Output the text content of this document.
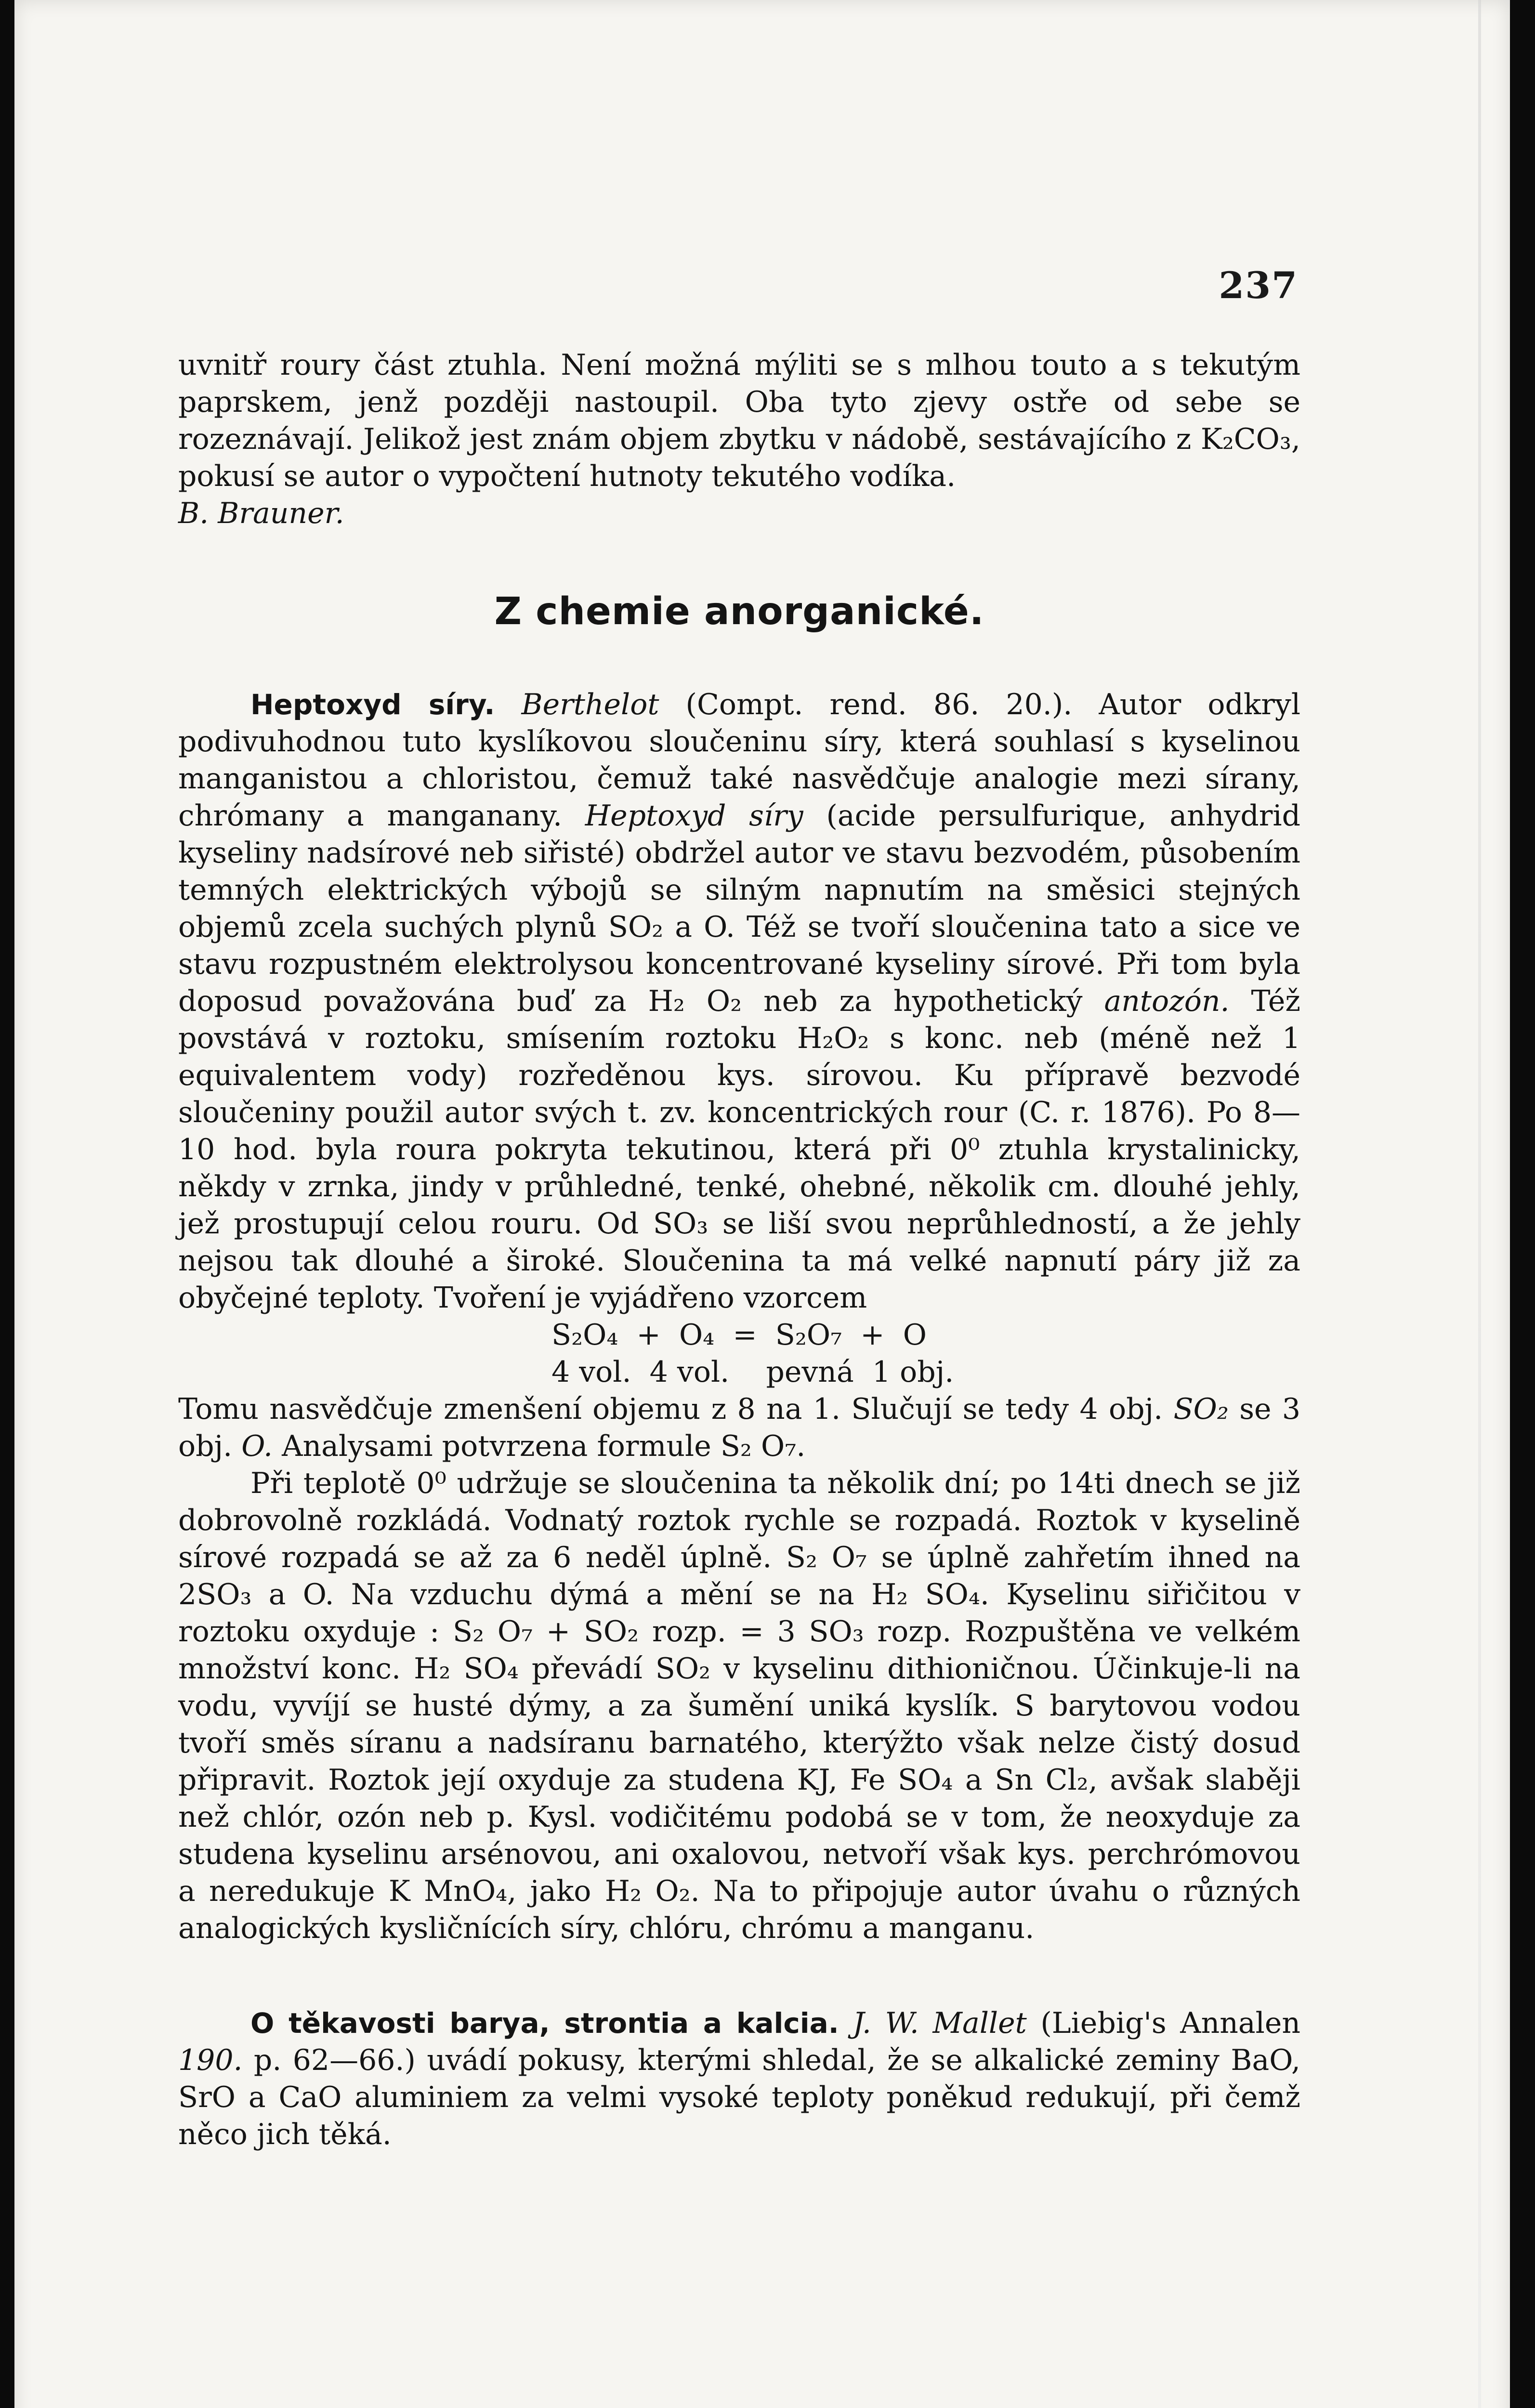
237

uvnitř roury část ztuhla. Není možná mýliti se s mlhou touto a s tekutým paprskem, jenž později nastoupil. Oba tyto zjevy ostře od sebe se rozeznávají. Jelikož jest znám objem zbytku v nádobě, sestávajícího z K₂CO₃, pokusí se autor o vypočtení hutnoty tekutého vodíka.

B. Brauner.

Z chemie anorganické.

Heptoxyd síry. Berthelot (Compt. rend. 86. 20.). Autor odkryl podivuhodnou tuto kyslíkovou sloučeninu síry, která souhlasí s kyselinou manganistou a chloristou, čemuž také nasvědčuje analogie mezi sírany, chrómany a manganany. Heptoxyd síry (acide persulfurique, anhydrid kyseliny nadsírové neb siřisté) obdržel autor ve stavu bezvodém, působením temných elektrických výbojů se silným napnutím na směsici stejných objemů zcela suchých plynů SO₂ a O. Též se tvoří sloučenina tato a sice ve stavu rozpustném elektrolysou koncentrované kyseliny sírové. Při tom byla doposud považována buď za H₂ O₂ neb za hypothetický antozón. Též povstává v roztoku, smísením roztoku H₂O₂ s konc. neb (méně než 1 equivalentem vody) rozředěnou kys. sírovou. Ku přípravě bezvodé sloučeniny použil autor svých t. zv. koncentrických rour (C. r. 1876). Po 8—10 hod. byla roura pokryta tekutinou, která při 0⁰ ztuhla krystalinicky, někdy v zrnka, jindy v průhledné, tenké, ohebné, několik cm. dlouhé jehly, jež prostupují celou rouru. Od SO₃ se liší svou neprůhledností, a že jehly nejsou tak dlouhé a široké. Sloučenina ta má velké napnutí páry již za obyčejné teploty. Tvoření je vyjádřeno vzorcem

S₂O₄  +  O₄  =  S₂O₇  +  O
4 vol.  4 vol.    pevná  1 obj.

Tomu nasvědčuje zmenšení objemu z 8 na 1. Slučují se tedy 4 obj. SO₂ se 3 obj. O. Analysami potvrzena formule S₂ O₇.

Při teplotě 0⁰ udržuje se sloučenina ta několik dní; po 14ti dnech se již dobrovolně rozkládá. Vodnatý roztok rychle se rozpadá. Roztok v kyselině sírové rozpadá se až za 6 neděl úplně. S₂ O₇ se úplně zahřetím ihned na 2SO₃ a O. Na vzduchu dýmá a mění se na H₂ SO₄. Kyselinu siřičitou v roztoku oxyduje : S₂ O₇ + SO₂ rozp. = 3 SO₃ rozp. Rozpuštěna ve velkém množství konc. H₂ SO₄ převádí SO₂ v kyselinu dithioničnou. Účinkuje-li na vodu, vyvíjí se husté dýmy, a za šumění uniká kyslík. S barytovou vodou tvoří směs síranu a nadsíranu barnatého, kterýžto však nelze čistý dosud připravit. Roztok její oxyduje za studena KJ, Fe SO₄ a Sn Cl₂, avšak slaběji než chlór, ozón neb p. Kysl. vodičitému podobá se v tom, že neoxyduje za studena kyselinu arsénovou, ani oxalovou, netvoří však kys. perchrómovou a neredukuje K MnO₄, jako H₂ O₂. Na to připojuje autor úvahu o různých analogických kysličnících síry, chlóru, chrómu a manganu.

O těkavosti barya, strontia a kalcia. J. W. Mallet (Liebig's Annalen 190. p. 62—66.) uvádí pokusy, kterými shledal, že se alkalické zeminy BaO, SrO a CaO aluminiem za velmi vysoké teploty poněkud redukují, při čemž něco jich těká.
